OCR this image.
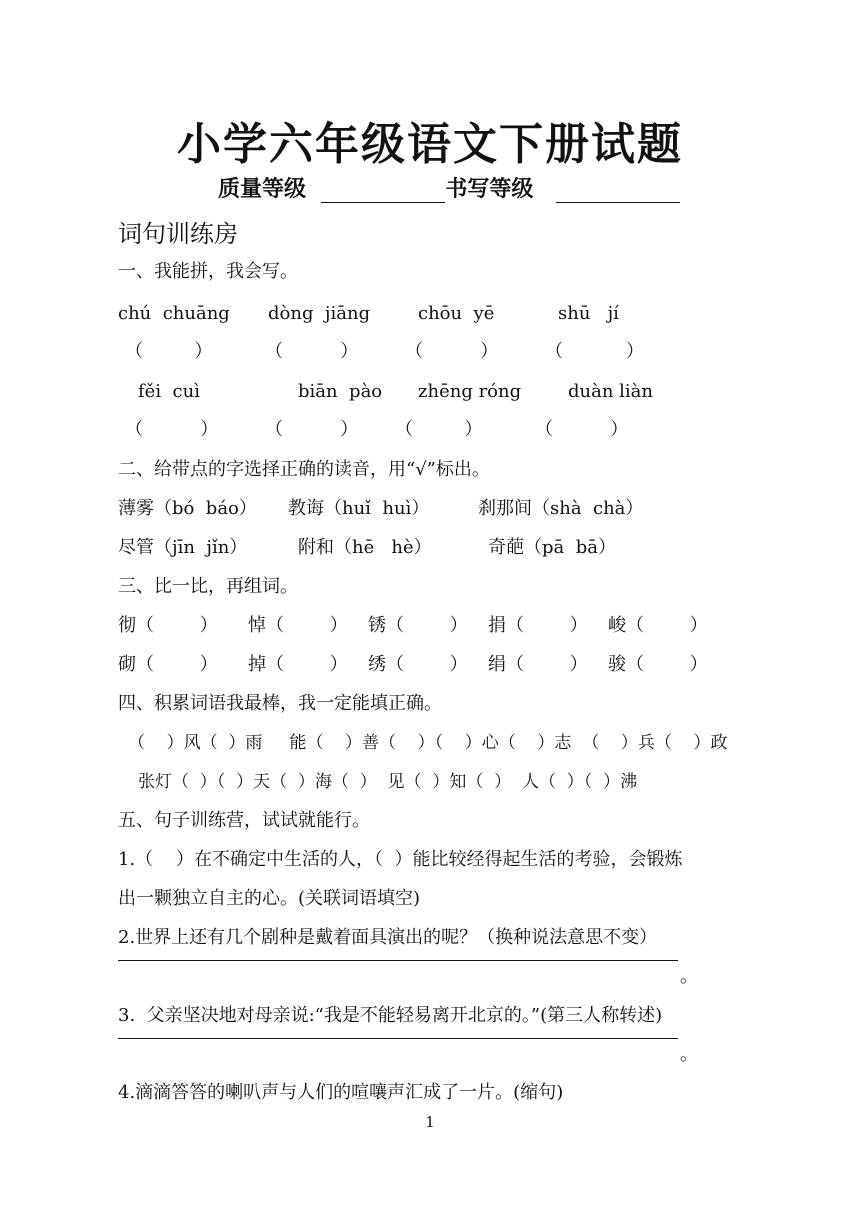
小学六年级语文下册试题
质量等级	书写等级
词句训练房
一、我能拼，我会写。
chú  chuāng dòng  jiāng	chōu  yē	shū   jí
（	）	（	）	（	）	（	）
fěi  cuì	biān  pào zhēng róng	duàn liàn
（	）	（	） （	）	（	）
二、给带点的字选择正确的读音，用“√”标出。
薄雾（bó  báo） 教诲（huǐ  huì）	刹那间（shà  chà）
尽管（jīn  jǐn）	附和（hē   hè）	奇葩（pā  bā）
三、比一比，再组词。
彻（        ） 悼（        ） 锈（        ） 捐（        ） 峻（        ）
砌（        ） 掉（        ） 绣（        ） 绢（        ） 骏（        ）
四、积累词语我最棒，我一定能填正确。
（    ）风（  ）雨     能（    ）善（    ）（    ）心（    ）志  （    ）兵（    ）政
张灯（  ）（  ）天（  ）海（  ）  见（  ）知（  ）  人（  ）（  ）沸
五、句子训练营，试试就能行。
1.（    ）在不确定中生活的人，（  ）能比较经得起生活的考验，会锻炼
出一颗独立自主的心。(关联词语填空)
2.世界上还有几个剧种是戴着面具演出的呢？（换种说法意思不变）
。
3.  父亲坚决地对母亲说:“我是不能轻易离开北京的。”(第三人称转述)
。
4.滴滴答答的喇叭声与人们的喧嚷声汇成了一片。(缩句)
1
